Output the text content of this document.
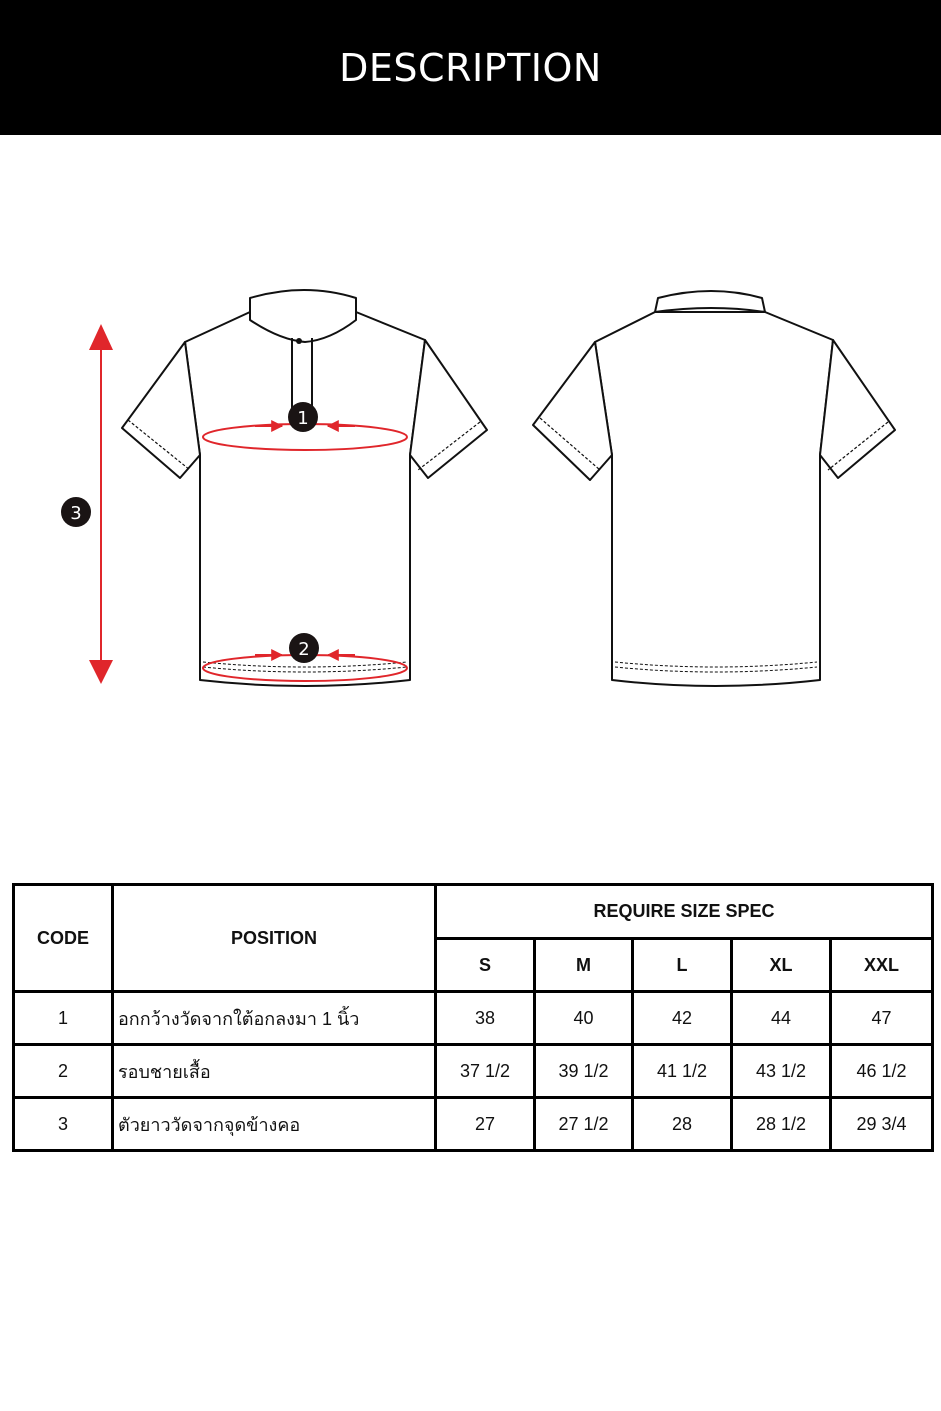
DESCRIPTION
1
2
3
CODE	POSITION	REQUIRE SIZE SPEC				
		S	M	L	XL	XXL
1	อกกว้างวัดจากใต้อกลงมา 1 นิ้ว	38	40	42	44	47
2	รอบชายเสื้อ	37 1/2	39 1/2	41 1/2	43 1/2	46 1/2
3	ตัวยาววัดจากจุดข้างคอ	27	27 1/2	28	28 1/2	29 3/4
